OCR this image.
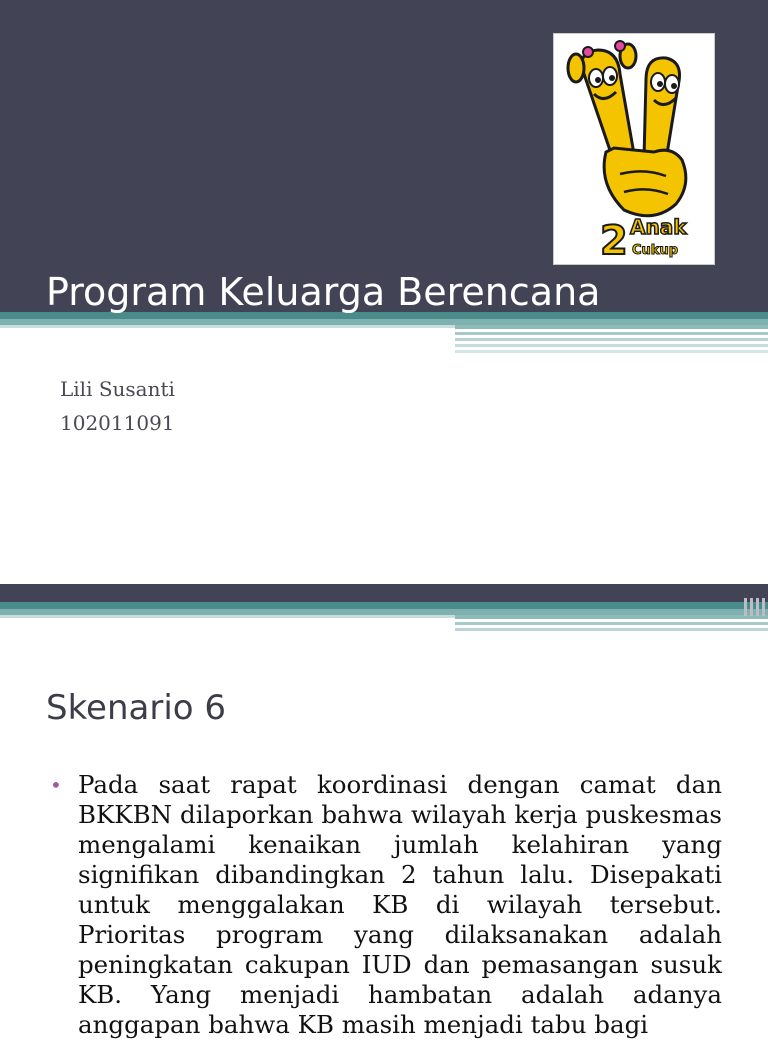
Program Keluarga Berencana
2 Anak
Cukup
Lili Susanti
102011091
Skenario 6
• Pada saat rapat koordinasi dengan camat dan BKKBN dilaporkan bahwa wilayah kerja puskesmas mengalami kenaikan jumlah kelahiran yang signifikan dibandingkan 2 tahun lalu. Disepakati untuk menggalakan KB di wilayah tersebut. Prioritas program yang dilaksanakan adalah peningkatan cakupan IUD dan pemasangan susuk KB. Yang menjadi hambatan adalah adanya anggapan bahwa KB masih menjadi tabu bagi
